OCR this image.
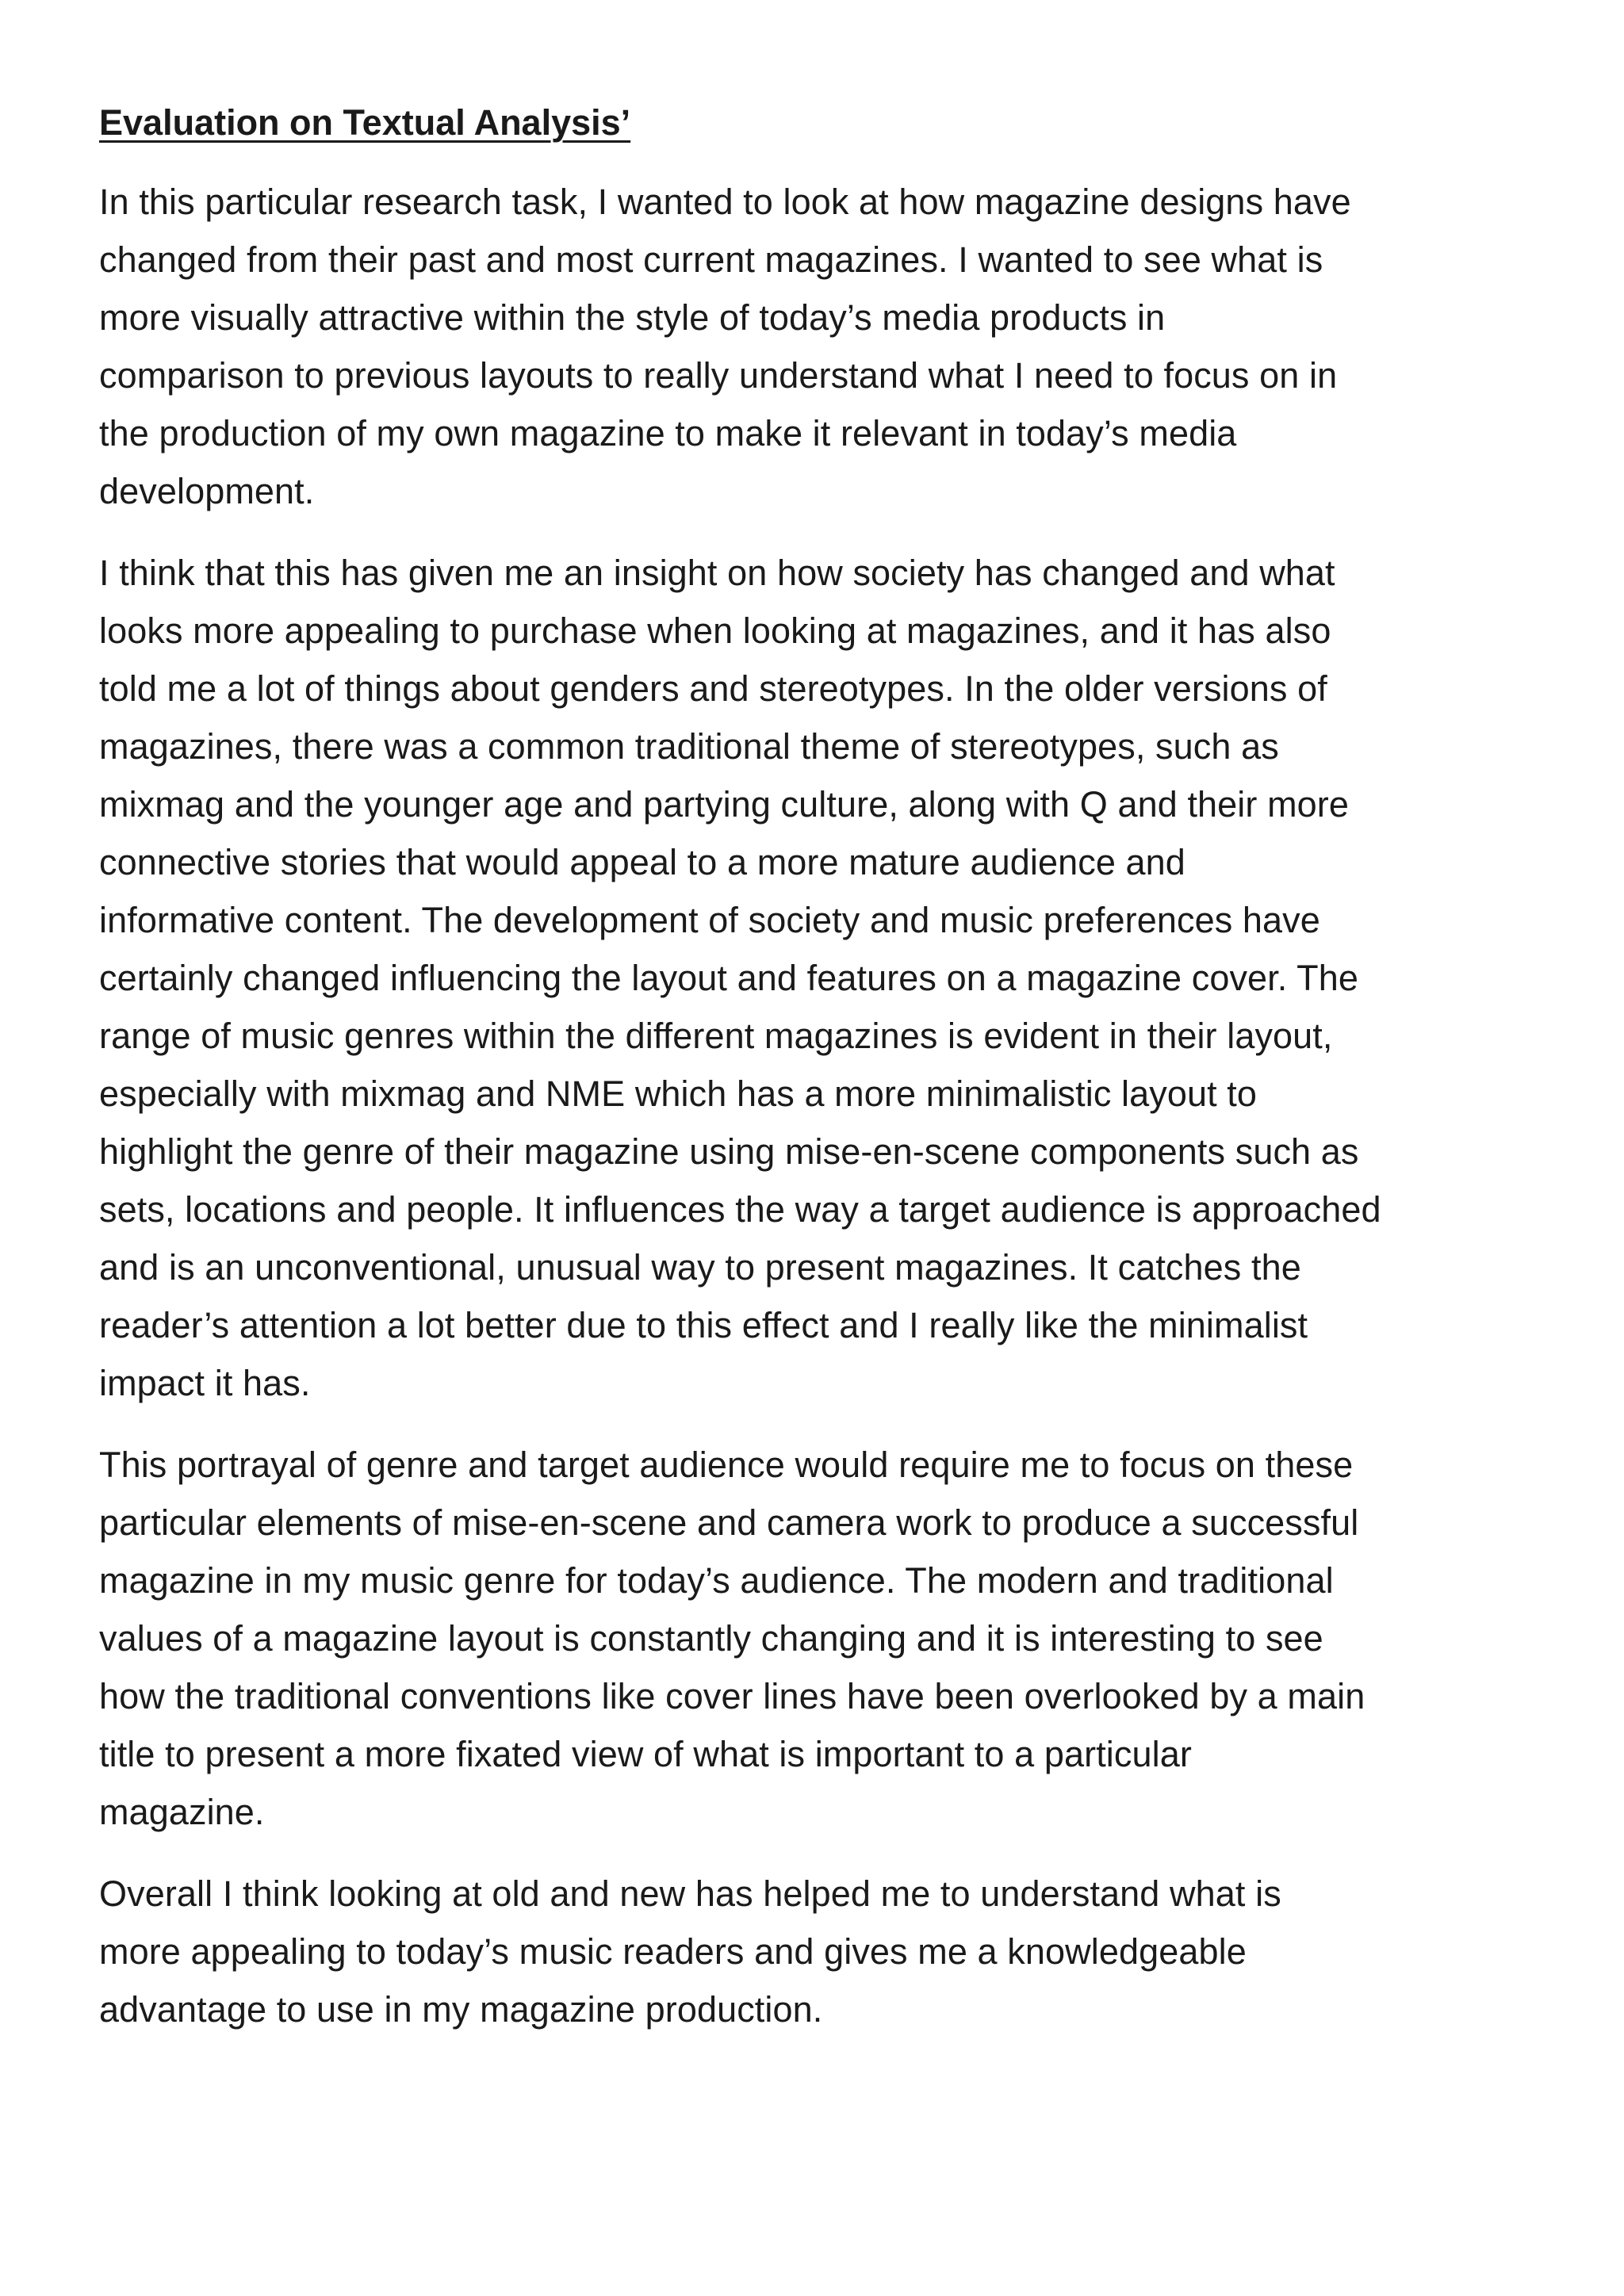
Evaluation on Textual Analysis’

In this particular research task, I wanted to look at how magazine designs have
changed from their past and most current magazines. I wanted to see what is
more visually attractive within the style of today’s media products in
comparison to previous layouts to really understand what I need to focus on in
the production of my own magazine to make it relevant in today’s media
development.

I think that this has given me an insight on how society has changed and what
looks more appealing to purchase when looking at magazines, and it has also
told me a lot of things about genders and stereotypes. In the older versions of
magazines, there was a common traditional theme of stereotypes, such as
mixmag and the younger age and partying culture, along with Q and their more
connective stories that would appeal to a more mature audience and
informative content. The development of society and music preferences have
certainly changed influencing the layout and features on a magazine cover. The
range of music genres within the different magazines is evident in their layout,
especially with mixmag and NME which has a more minimalistic layout to
highlight the genre of their magazine using mise-en-scene components such as
sets, locations and people. It influences the way a target audience is approached
and is an unconventional, unusual way to present magazines. It catches the
reader’s attention a lot better due to this effect and I really like the minimalist
impact it has.

This portrayal of genre and target audience would require me to focus on these
particular elements of mise-en-scene and camera work to produce a successful
magazine in my music genre for today’s audience. The modern and traditional
values of a magazine layout is constantly changing and it is interesting to see
how the traditional conventions like cover lines have been overlooked by a main
title to present a more fixated view of what is important to a particular
magazine.

Overall I think looking at old and new has helped me to understand what is
more appealing to today’s music readers and gives me a knowledgeable
advantage to use in my magazine production.
